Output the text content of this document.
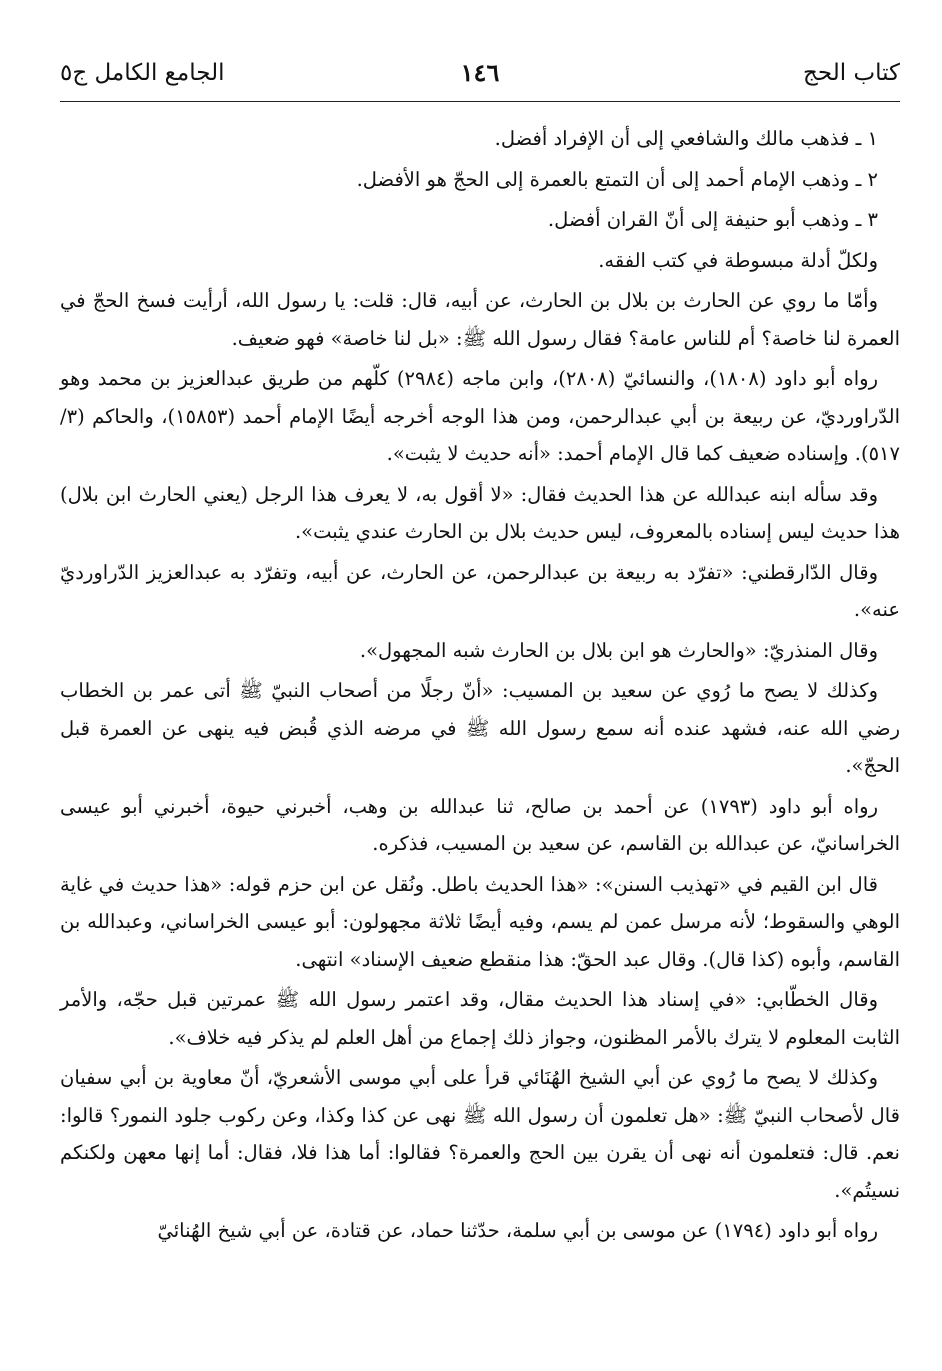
كتاب الحج
١٤٦
الجامع الكامل ج٥

١ ـ فذهب مالك والشافعي إلى أن الإفراد أفضل.

٢ ـ وذهب الإمام أحمد إلى أن التمتع بالعمرة إلى الحجّ هو الأفضل.

٣ ـ وذهب أبو حنيفة إلى أنّ القران أفضل.

ولكلّ أدلة مبسوطة في كتب الفقه.

وأمّا ما روي عن الحارث بن بلال بن الحارث، عن أبيه، قال: قلت: يا رسول الله، أرأيت فسخ الحجّ في العمرة لنا خاصة؟ أم للناس عامة؟ فقال رسول الله ﷺ: «بل لنا خاصة» فهو ضعيف.

رواه أبو داود (١٨٠٨)، والنسائيّ (٢٨٠٨)، وابن ماجه (٢٩٨٤) كلّهم من طريق عبدالعزيز بن محمد وهو الدّراورديّ، عن ربيعة بن أبي عبدالرحمن، ومن هذا الوجه أخرجه أيضًا الإمام أحمد (١٥٨٥٣)، والحاكم (٣/ ٥١٧). وإسناده ضعيف كما قال الإمام أحمد: «أنه حديث لا يثبت».

وقد سأله ابنه عبدالله عن هذا الحديث فقال: «لا أقول به، لا يعرف هذا الرجل (يعني الحارث ابن بلال) هذا حديث ليس إسناده بالمعروف، ليس حديث بلال بن الحارث عندي يثبت».

وقال الدّارقطني: «تفرّد به ربيعة بن عبدالرحمن، عن الحارث، عن أبيه، وتفرّد به عبدالعزيز الدّراورديّ عنه».

وقال المنذريّ: «والحارث هو ابن بلال بن الحارث شبه المجهول».

وكذلك لا يصح ما رُوي عن سعيد بن المسيب: «أنّ رجلًا من أصحاب النبيّ ﷺ أتى عمر بن الخطاب رضي الله عنه، فشهد عنده أنه سمع رسول الله ﷺ في مرضه الذي قُبض فيه ينهى عن العمرة قبل الحجّ».

رواه أبو داود (١٧٩٣) عن أحمد بن صالح، ثنا عبدالله بن وهب، أخبرني حيوة، أخبرني أبو عيسى الخراسانيّ، عن عبدالله بن القاسم، عن سعيد بن المسيب، فذكره.

قال ابن القيم في «تهذيب السنن»: «هذا الحديث باطل. ونُقل عن ابن حزم قوله: «هذا حديث في غاية الوهي والسقوط؛ لأنه مرسل عمن لم يسم، وفيه أيضًا ثلاثة مجهولون: أبو عيسى الخراساني، وعبدالله بن القاسم، وأبوه (كذا قال). وقال عبد الحقّ: هذا منقطع ضعيف الإسناد» انتهى.

وقال الخطّابي: «في إسناد هذا الحديث مقال، وقد اعتمر رسول الله ﷺ عمرتين قبل حجّه، والأمر الثابت المعلوم لا يترك بالأمر المظنون، وجواز ذلك إجماع من أهل العلم لم يذكر فيه خلاف».

وكذلك لا يصح ما رُوي عن أبي الشيخ الهُنَائي قرأ على أبي موسى الأشعريّ، أنّ معاوية بن أبي سفيان قال لأصحاب النبيّ ﷺ: «هل تعلمون أن رسول الله ﷺ نهى عن كذا وكذا، وعن ركوب جلود النمور؟ قالوا: نعم. قال: فتعلمون أنه نهى أن يقرن بين الحج والعمرة؟ فقالوا: أما هذا فلا، فقال: أما إنها معهن ولكنكم نسيتُم».

رواه أبو داود (١٧٩٤) عن موسى بن أبي سلمة، حدّثنا حماد، عن قتادة، عن أبي شيخ الهُنائيّ
